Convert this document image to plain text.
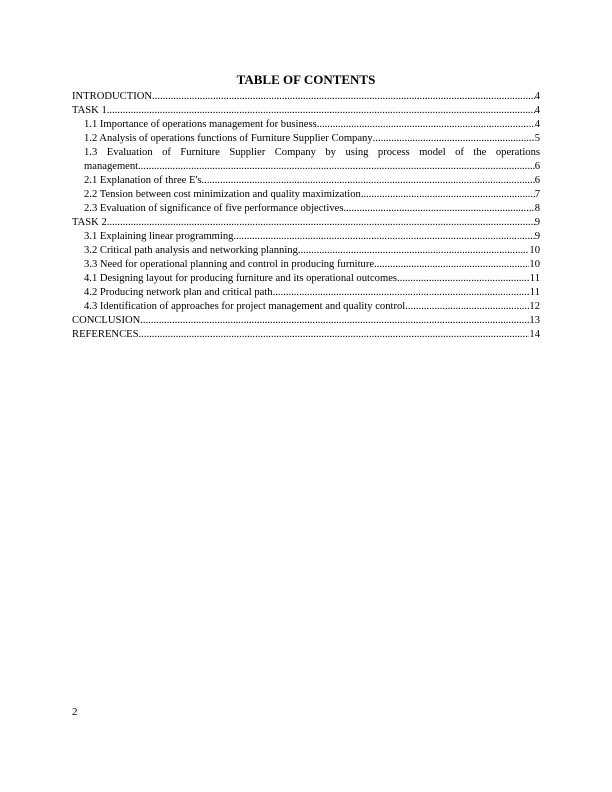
TABLE OF CONTENTS
INTRODUCTION .....	4
TASK 1 .....	4
1.1 Importance of operations management for business .....	4
1.2 Analysis of operations functions of Furniture Supplier Company .....	5
1.3 Evaluation of Furniture Supplier Company by using process model of the operations
management .....	6
2.1 Explanation of three E's .....	6
2.2 Tension between cost minimization and quality maximization .....	7
2.3 Evaluation of significance of five performance objectives .....	8
TASK 2 .....	9
3.1 Explaining linear programming .....	9
3.2 Critical path analysis and networking planning .....	10
3.3 Need for operational planning and control in producing furniture .....	10
4.1 Designing layout for producing furniture and its operational outcomes .....	11
4.2 Producing network plan and critical path .....	11
4.3 Identification of approaches for project management and quality control .....	12
CONCLUSION .....	13
REFERENCES .....	14
2
